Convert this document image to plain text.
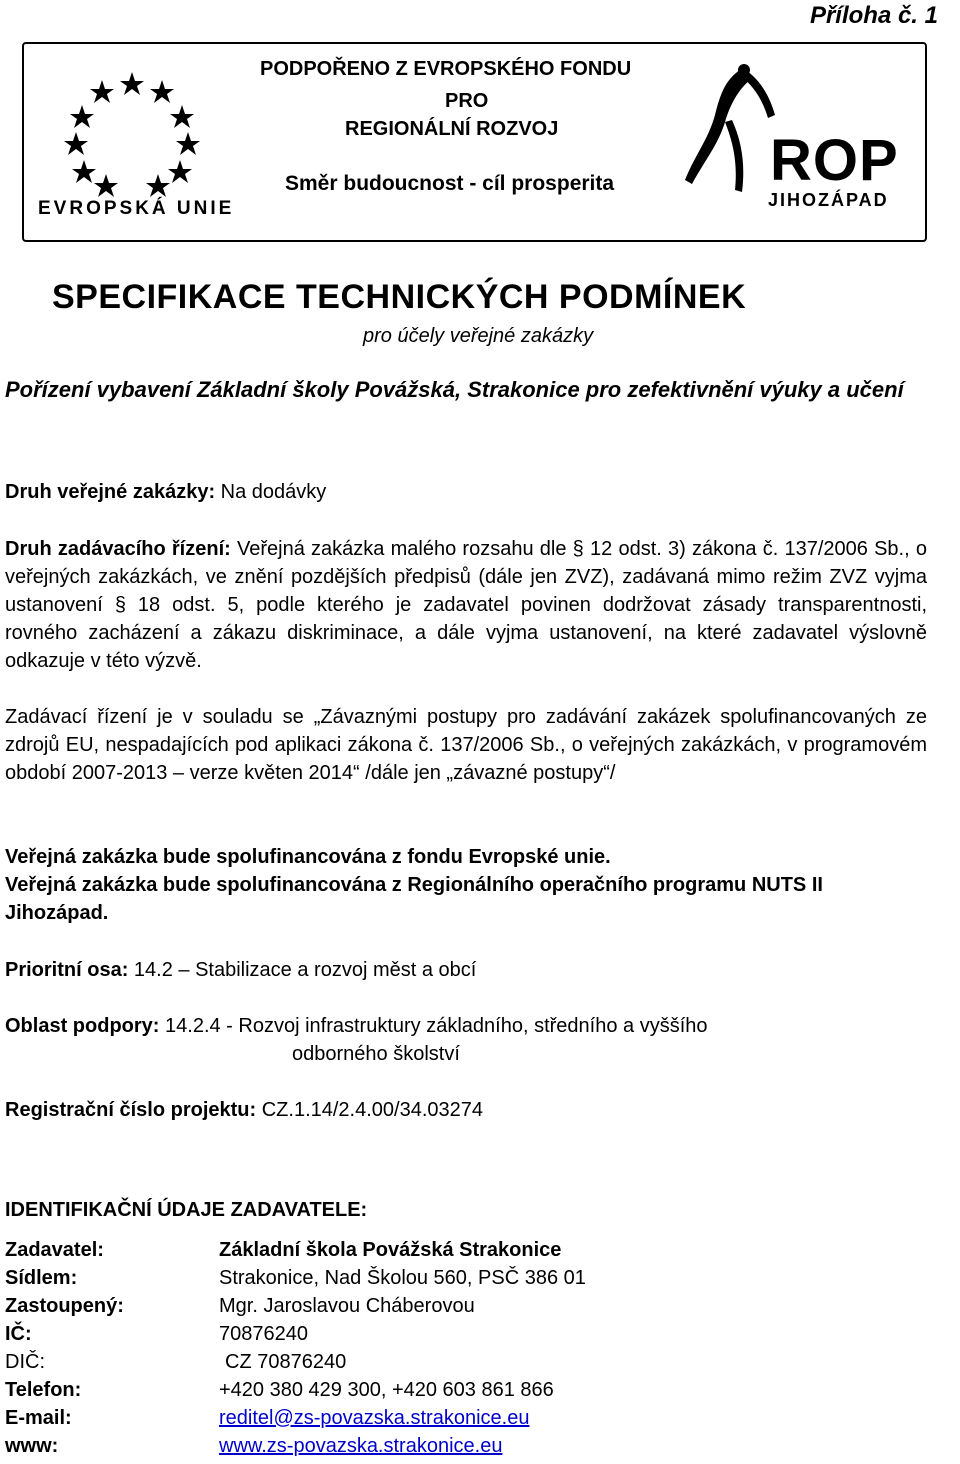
Příloha č. 1
EVROPSKÁ UNIE
PODPOŘENO Z EVROPSKÉHO FONDU
PRO
REGIONÁLNÍ ROZVOJ
Směr budoucnost - cíl prosperita	ROP
JIHOZÁPAD
SPECIFIKACE TECHNICKÝCH PODMÍNEK
pro účely veřejné zakázky
Pořízení vybavení Základní školy Povážská, Strakonice pro zefektivnění výuky a učení
Druh veřejné zakázky: Na dodávky
Druh zadávacího řízení: Veřejná zakázka malého rozsahu dle § 12 odst. 3) zákona č. 137/2006 Sb., o veřejných zakázkách, ve znění pozdějších předpisů (dále jen ZVZ), zadávaná mimo režim ZVZ vyjma ustanovení § 18 odst. 5, podle kterého je zadavatel povinen dodržovat zásady transparentnosti, rovného zacházení a zákazu diskriminace, a dále vyjma ustanovení, na které zadavatel výslovně odkazuje v této výzvě.
Zadávací řízení je v souladu se „Závaznými postupy pro zadávání zakázek spolufinancovaných ze zdrojů EU, nespadajících pod aplikaci zákona č. 137/2006 Sb., o veřejných zakázkách, v programovém období 2007-2013 – verze květen 2014“ /dále jen „závazné postupy“/
Veřejná zakázka bude spolufinancována z fondu Evropské unie.
Veřejná zakázka bude spolufinancována z Regionálního operačního programu NUTS II Jihozápad.
Prioritní osa: 14.2 – Stabilizace a rozvoj měst a obcí
Oblast podpory: 14.2.4 - Rozvoj infrastruktury základního, středního a vyššího
odborného školství
Registrační číslo projektu: CZ.1.14/2.4.00/34.03274
IDENTIFIKAČNÍ ÚDAJE ZADAVATELE:
Zadavatel:	Základní škola Povážská Strakonice
Sídlem:	Strakonice, Nad Školou 560, PSČ 386 01
Zastoupený:	Mgr. Jaroslavou Cháberovou
IČ:	70876240
DIČ:	CZ 70876240
Telefon:	+420 380 429 300, +420 603 861 866
E-mail:	reditel@zs-povazska.strakonice.eu
www:	www.zs-povazska.strakonice.eu
